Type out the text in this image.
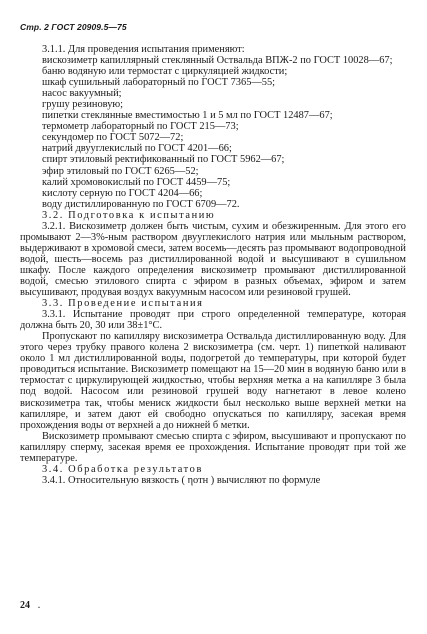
Стр. 2 ГОСТ 20909.5—75

3.1.1. Для проведения испытания применяют:

вискозиметр капиллярный стеклянный Оствальда ВПЖ-2 по ГОСТ 10028—67;

баню водяную или термостат с циркуляцией жидкости;

шкаф сушильный лабораторный по ГОСТ 7365—55;

насос вакуумный;

грушу резиновую;

пипетки стеклянные вместимостью 1 и 5 мл по ГОСТ 12487—67;

термометр лабораторный по ГОСТ 215—73;

секундомер по ГОСТ 5072—72;

натрий двууглекислый по ГОСТ 4201—66;

спирт этиловый ректификованный по ГОСТ 5962—67;

эфир этиловый по ГОСТ 6265—52;

калий хромовокислый по ГОСТ 4459—75;

кислоту серную по ГОСТ 4204—66;

воду дистиллированную по ГОСТ 6709—72.

3.2. Подготовка к испытанию

3.2.1. Вискозиметр должен быть чистым, сухим и обезжиренным. Для этого его промывают 2—3%-ным раствором двууглекислого натрия или мыльным раствором, выдерживают в хромовой смеси, затем восемь—десять раз промывают водопроводной водой, шесть—восемь раз дистиллированной водой и высушивают в сушильном шкафу. После каждого определения вискозиметр промывают дистиллированной водой, смесью этилового спирта с эфиром в разных объемах, эфиром и затем высушивают, продувая воздух вакуумным насосом или резиновой грушей.

3.3. Проведение испытания

3.3.1. Испытание проводят при строго определенной температуре, которая должна быть 20, 30 или 38±1°С.

Пропускают по капилляру вискозиметра Оствальда дистиллированную воду. Для этого через трубку правого колена 2 вискозиметра (см. черт. 1) пипеткой наливают около 1 мл дистиллированной воды, подогретой до температуры, при которой будет проводиться испытание. Вискозиметр помещают на 15—20 мин в водяную баню или в термостат с циркулирующей жидкостью, чтобы верхняя метка а на капилляре 3 была под водой. Насосом или резиновой грушей воду нагнетают в левое колено вискозиметра так, чтобы мениск жидкости был несколько выше верхней метки на капилляре, и затем дают ей свободно опускаться по капилляру, засекая время прохождения воды от верхней а до нижней б метки.

Вискозиметр промывают смесью спирта с эфиром, высушивают и пропускают по капилляру сперму, засекая время ее прохождения. Испытание проводят при той же температуре.

3.4. Обработка результатов

3.4.1. Относительную вязкость ( ηотн ) вычисляют по формуле

24 .
